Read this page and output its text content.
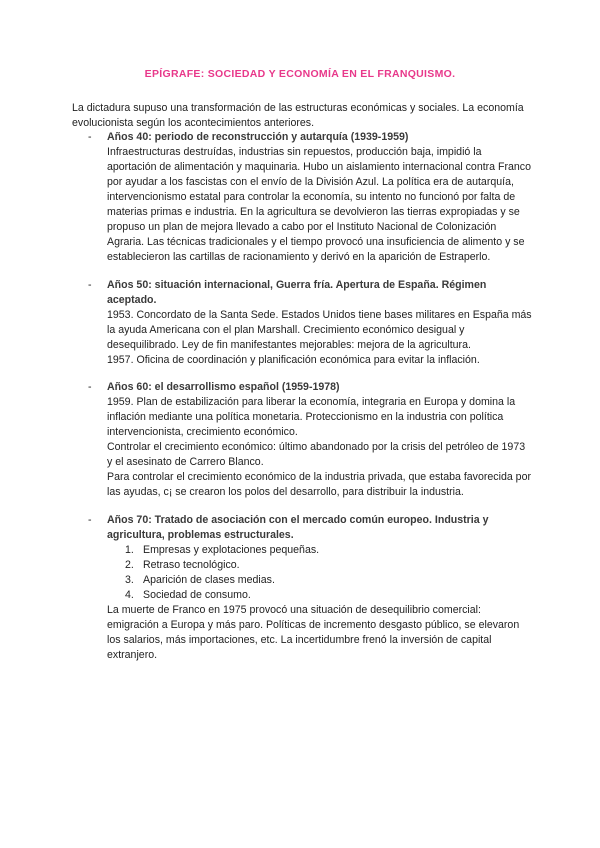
EPÍGRAFE: SOCIEDAD Y ECONOMÍA EN EL FRANQUISMO.
La dictadura supuso una transformación de las estructuras económicas y sociales. La economía evolucionista según los acontecimientos anteriores.
-	Años 40: periodo de reconstrucción y autarquía (1939-1959)
Infraestructuras destruídas, industrias sin repuestos, producción baja, impidió la aportación de alimentación y maquinaria. Hubo un aislamiento internacional contra Franco por ayudar a los fascistas con el envío de la División Azul. La política era de autarquía, intervencionismo estatal para controlar la economía, su intento no funcionó por falta de materias primas e industria. En la agricultura se devolvieron las tierras expropiadas y se propuso un plan de mejora llevado a cabo por el Instituto Nacional de Colonización Agraria. Las técnicas tradicionales y el tiempo provocó una insuficiencia de alimento y se establecieron las cartillas de racionamiento y derivó en la aparición de Estraperlo.
-	Años 50: situación internacional, Guerra fría. Apertura de España. Régimen aceptado.
1953. Concordato de la Santa Sede. Estados Unidos tiene bases militares en España más la ayuda Americana con el plan Marshall. Crecimiento económico desigual y desequilibrado. Ley de fin manifestantes mejorables: mejora de la agricultura.
1957. Oficina de coordinación y planificación económica para evitar la inflación.
-	Años 60: el desarrollismo español (1959-1978)
1959. Plan de estabilización para liberar la economía, integraria en Europa y domina la inflación mediante una política monetaria. Proteccionismo en la industria con política intervencionista, crecimiento económico.
Controlar el crecimiento económico: último abandonado por la crisis del petróleo de 1973 y el asesinato de Carrero Blanco.
Para controlar el crecimiento económico de la industria privada, que estaba favorecida por las ayudas, c¡ se crearon los polos del desarrollo, para distribuir la industria.
-	Años 70: Tratado de asociación con el mercado común europeo. Industria y agricultura, problemas estructurales.
1. Empresas y explotaciones pequeñas.
2. Retraso tecnológico.
3. Aparición de clases medias.
4. Sociedad de consumo.
La muerte de Franco en 1975 provocó una situación de desequilibrio comercial: emigración a Europa y más paro. Políticas de incremento desgasto público, se elevaron los salarios, más importaciones, etc. La incertidumbre frenó la inversión de capital extranjero.
